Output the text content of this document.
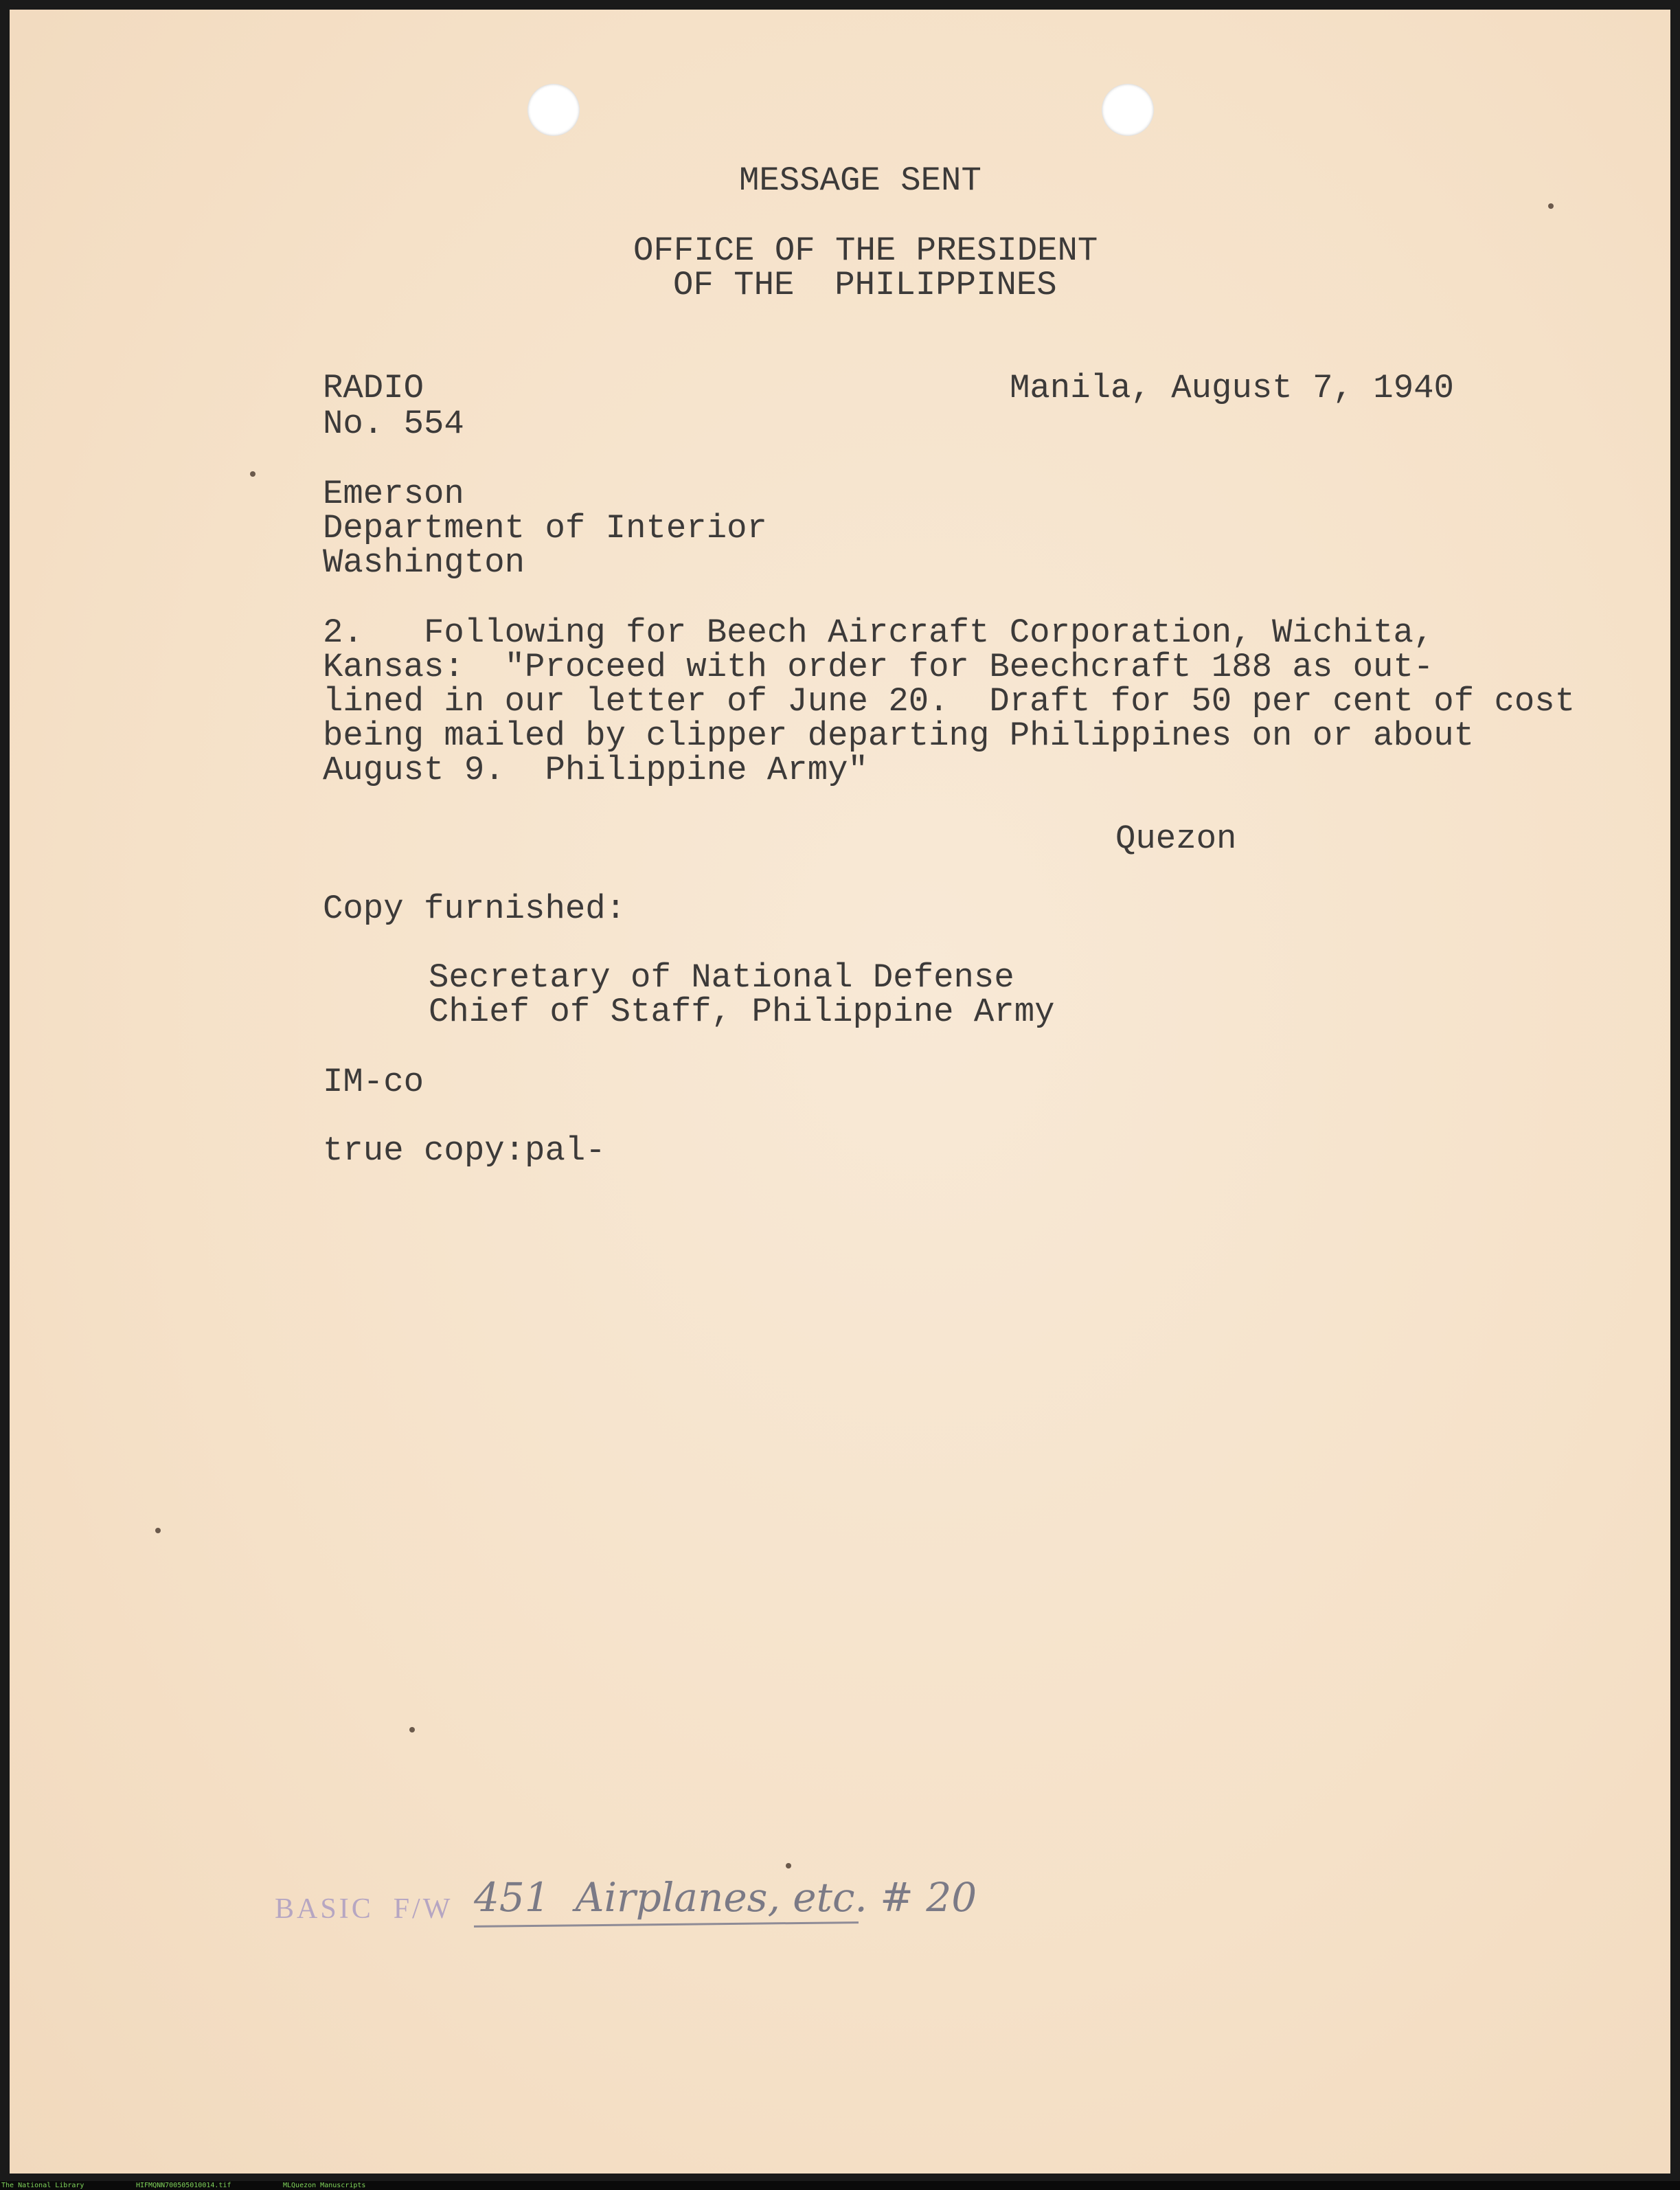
MESSAGE SENT

OFFICE OF THE PRESIDENT

OF THE  PHILIPPINES

RADIO

No. 554

Manila, August 7, 1940

Emerson

Department of Interior

Washington

2.   Following for Beech Aircraft Corporation, Wichita,

Kansas:  "Proceed with order for Beechcraft 188 as out-

lined in our letter of June 20.  Draft for 50 per cent of cost

being mailed by clipper departing Philippines on or about

August 9.  Philippine Army"

Quezon

Copy furnished:

Secretary of National Defense

Chief of Staff, Philippine Army

IM-co

true copy:pal-

BASIC  F/W 451  Airplanes, etc. # 20
The National Library	HIFMQNN700505010014.tif	MLQuezon Manuscripts
